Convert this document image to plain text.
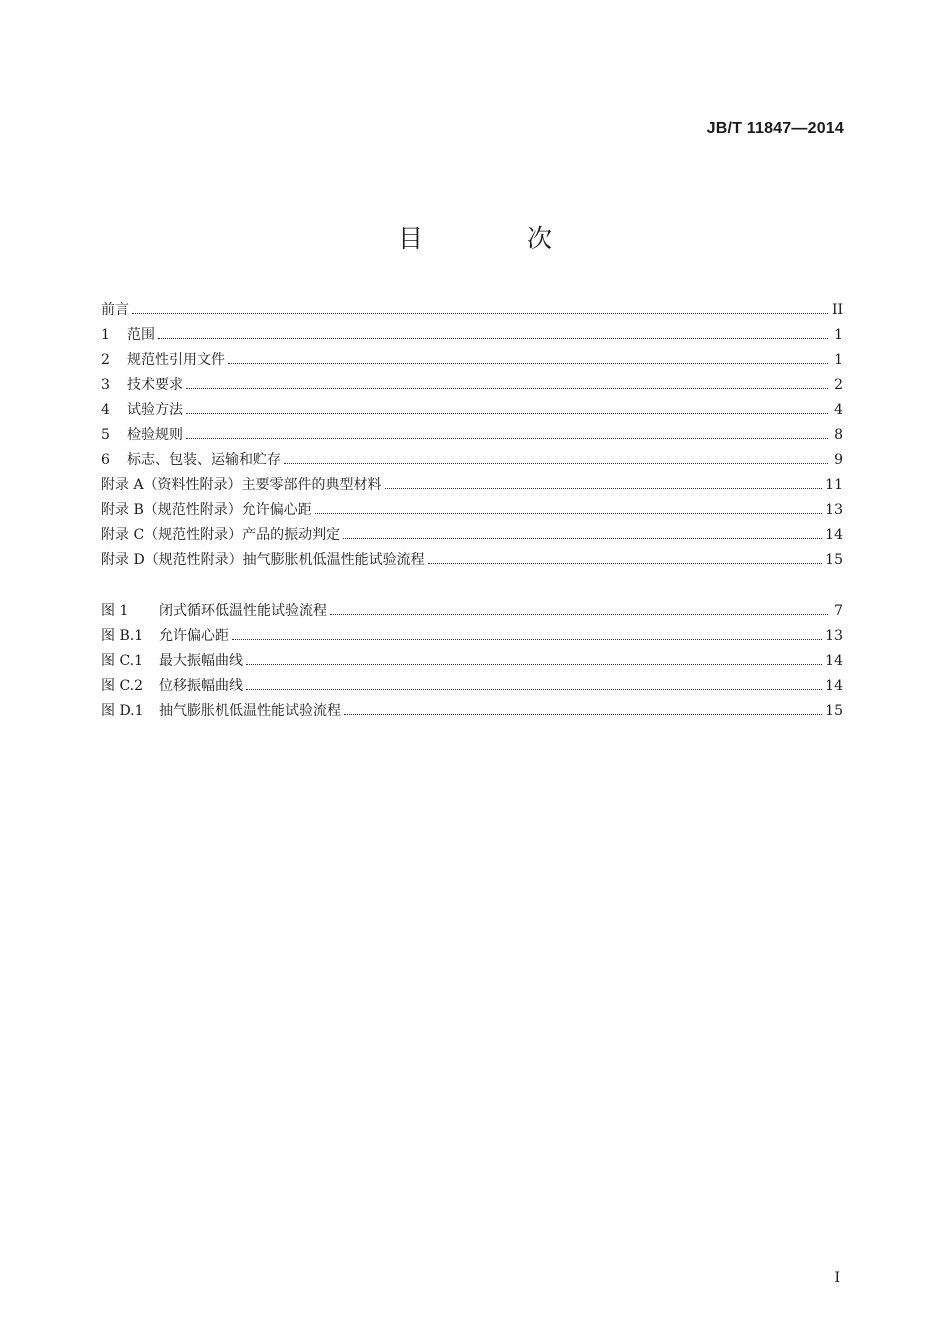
JB/T 11847—2014
目 次
前言	II
1 范围	1
2 规范性引用文件	1
3 技术要求	2
4 试验方法	4
5 检验规则	8
6 标志、包装、运输和贮存	9
附录 A（资料性附录）主要零部件的典型材料	11
附录 B（规范性附录）允许偏心距	13
附录 C（规范性附录）产品的振动判定	14
附录 D（规范性附录）抽气膨胀机低温性能试验流程	15
图 1 闭式循环低温性能试验流程	7
图 B.1 允许偏心距	13
图 C.1 最大振幅曲线	14
图 C.2 位移振幅曲线	14
图 D.1 抽气膨胀机低温性能试验流程	15
I
